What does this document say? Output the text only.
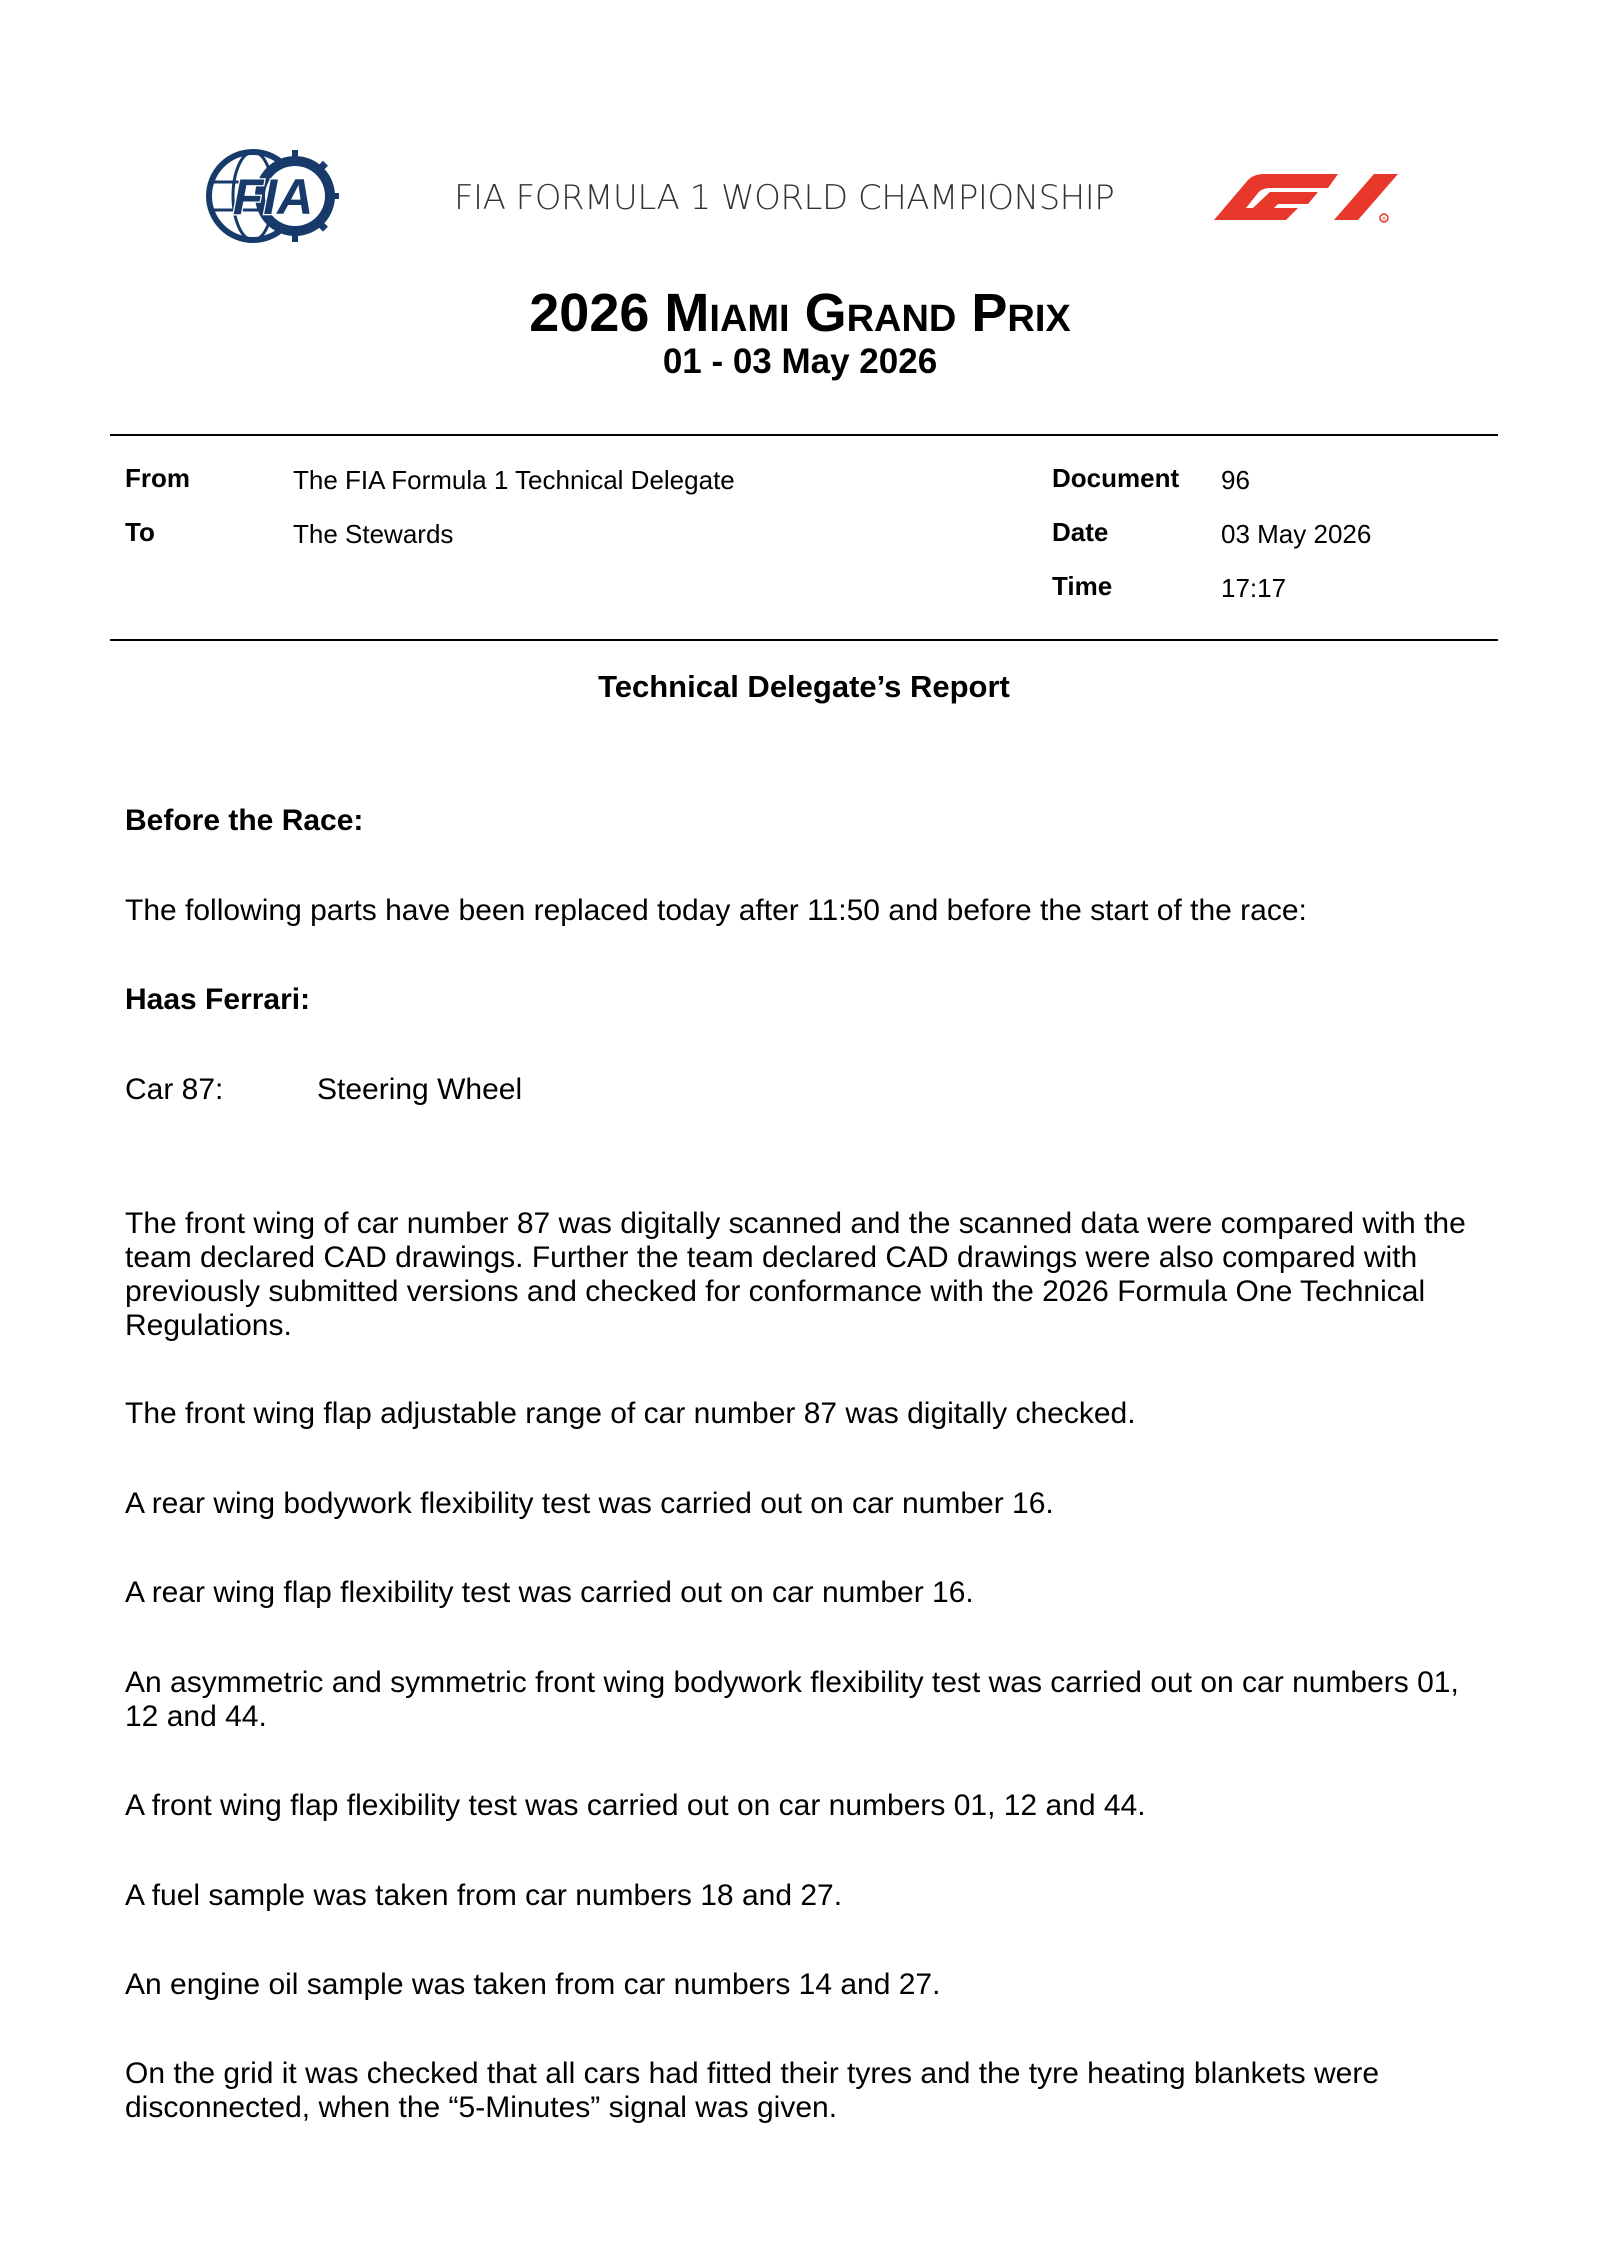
FIA	FIA FORMULA 1 WORLD CHAMPIONSHIP
®
2026 Miami Grand Prix
01 - 03 May 2026
From	The FIA Formula 1 Technical Delegate
To	The Stewards
Document 96
Date	03 May 2026
Time	17:17
Technical Delegate’s Report
Before the Race:
The following parts have been replaced today after 11:50 and before the start of the race:
Haas Ferrari:
Car 87:	Steering Wheel
The front wing of car number 87 was digitally scanned and the scanned data were compared with the team declared CAD drawings. Further the team declared CAD drawings were also compared with previously submitted versions and checked for conformance with the 2026 Formula One Technical Regulations.
The front wing flap adjustable range of car number 87 was digitally checked.
A rear wing bodywork flexibility test was carried out on car number 16.
A rear wing flap flexibility test was carried out on car number 16.
An asymmetric and symmetric front wing bodywork flexibility test was carried out on car numbers 01, 12 and 44.
A front wing flap flexibility test was carried out on car numbers 01, 12 and 44.
A fuel sample was taken from car numbers 18 and 27.
An engine oil sample was taken from car numbers 14 and 27.
On the grid it was checked that all cars had fitted their tyres and the tyre heating blankets were disconnected, when the “5-Minutes” signal was given.
